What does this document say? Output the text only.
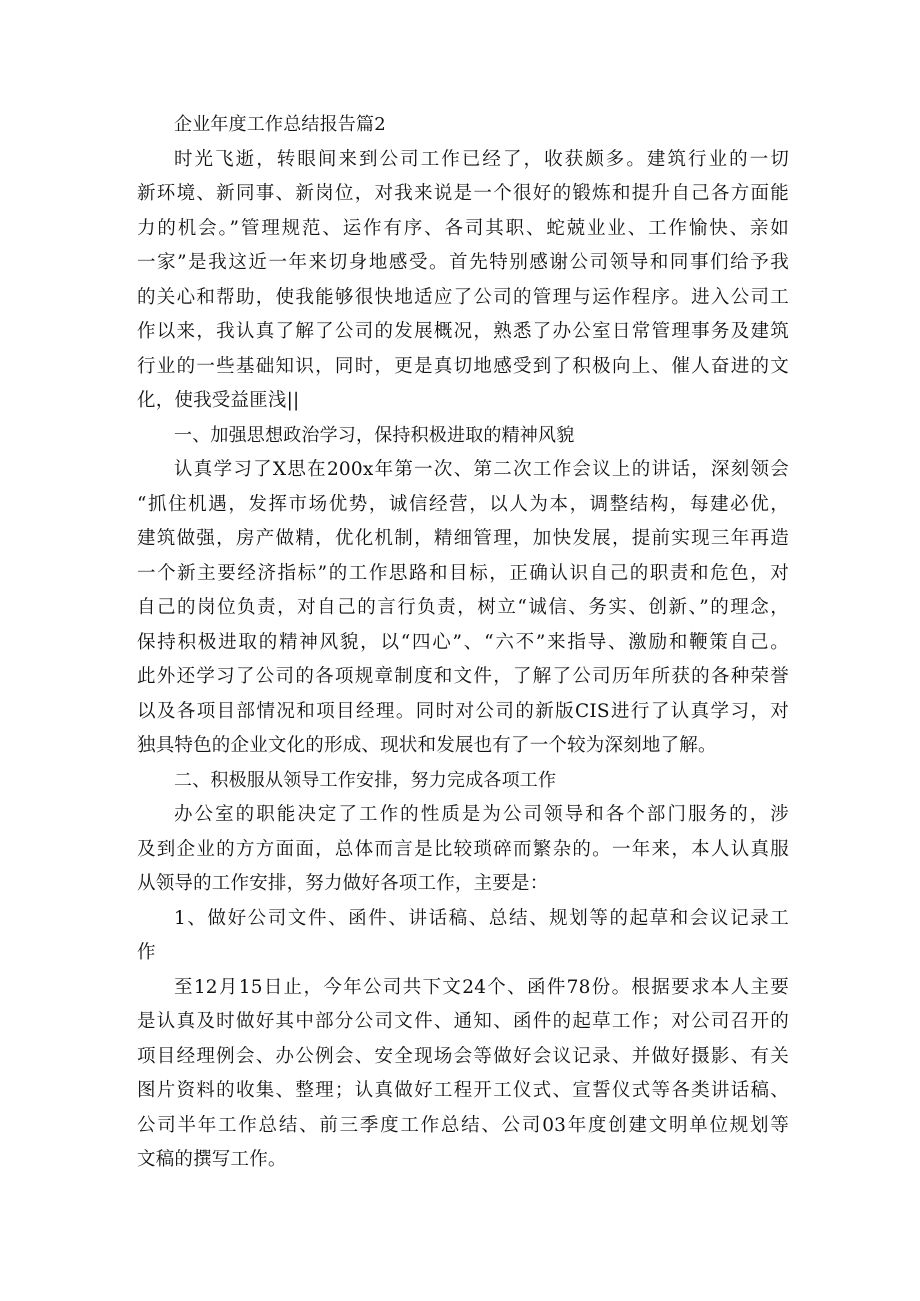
企业年度工作总结报告篇2
时光飞逝，转眼间来到公司工作已经了，收获颇多。建筑行业的一切
新环境、新同事、新岗位，对我来说是一个很好的锻炼和提升自己各方面能
力的机会。”管理规范、运作有序、各司其职、蛇兢业业、工作愉快、亲如
一家”是我这近一年来切身地感受。首先特别感谢公司领导和同事们给予我
的关心和帮助，使我能够很快地适应了公司的管理与运作程序。进入公司工
作以来，我认真了解了公司的发展概况，熟悉了办公室日常管理事务及建筑
行业的一些基础知识，同时，更是真切地感受到了积极向上、催人奋进的文
化，使我受益匪浅||
一、加强思想政治学习，保持积极进取的精神风貌
认真学习了X思在200x年第一次、第二次工作会议上的讲话，深刻领会
“抓住机遇，发挥市场优势，诚信经营，以人为本，调整结构，每建必优，
建筑做强，房产做精，优化机制，精细管理，加快发展，提前实现三年再造
一个新主要经济指标”的工作思路和目标，正确认识自己的职责和危色，对
自己的岗位负责，对自己的言行负责，树立“诚信、务实、创新、”的理念，
保持积极进取的精神风貌，以“四心”、“六不”来指导、激励和鞭策自己。
此外还学习了公司的各项规章制度和文件，了解了公司历年所获的各种荣誉
以及各项目部情况和项目经理。同时对公司的新版CIS进行了认真学习，对
独具特色的企业文化的形成、现状和发展也有了一个较为深刻地了解。
二、积极服从领导工作安排，努力完成各项工作
办公室的职能决定了工作的性质是为公司领导和各个部门服务的，涉
及到企业的方方面面，总体而言是比较琐碎而繁杂的。一年来，本人认真服
从领导的工作安排，努力做好各项工作，主要是：
1、做好公司文件、函件、讲话稿、总结、规划等的起草和会议记录工
作
至12月15日止，今年公司共下文24个、函件78份。根据要求本人主要
是认真及时做好其中部分公司文件、通知、函件的起草工作；对公司召开的
项目经理例会、办公例会、安全现场会等做好会议记录、并做好摄影、有关
图片资料的收集、整理；认真做好工程开工仪式、宣誓仪式等各类讲话稿、
公司半年工作总结、前三季度工作总结、公司03年度创建文明单位规划等
文稿的撰写工作。
